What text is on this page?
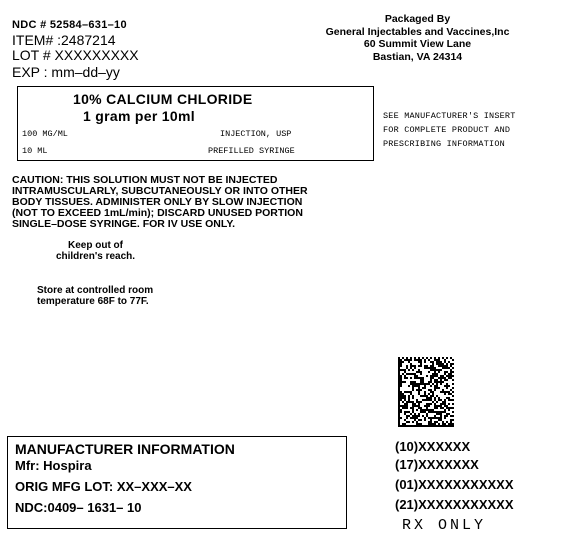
NDC # 52584–631–10
ITEM# :2487214
LOT # XXXXXXXXX
EXP : mm–dd–yy
Packaged By
General Injectables and Vaccines,Inc
60 Summit View Lane
Bastian, VA 24314
10% CALCIUM CHLORIDE
1 gram per 10ml
100 MG/ML	INJECTION, USP
10 ML	PREFILLED SYRINGE
SEE MANUFACTURER'S INSERT
FOR COMPLETE PRODUCT AND
PRESCRIBING INFORMATION
CAUTION: THIS SOLUTION MUST NOT BE INJECTED
INTRAMUSCULARLY, SUBCUTANEOUSLY OR INTO OTHER
BODY TISSUES. ADMINISTER ONLY BY SLOW INJECTION
(NOT TO EXCEED 1mL/min); DISCARD UNUSED PORTION
SINGLE–DOSE SYRINGE. FOR IV USE ONLY.
Keep out of
children's reach.
Store at controlled room
temperature 68F to 77F.
MANUFACTURER INFORMATION
Mfr: Hospira
ORIG MFG LOT: XX–XXX–XX
NDC:0409– 1631– 10
(10)XXXXXX
(17)XXXXXXX
(01)XXXXXXXXXXX
(21)XXXXXXXXXXX
RX ONLY
